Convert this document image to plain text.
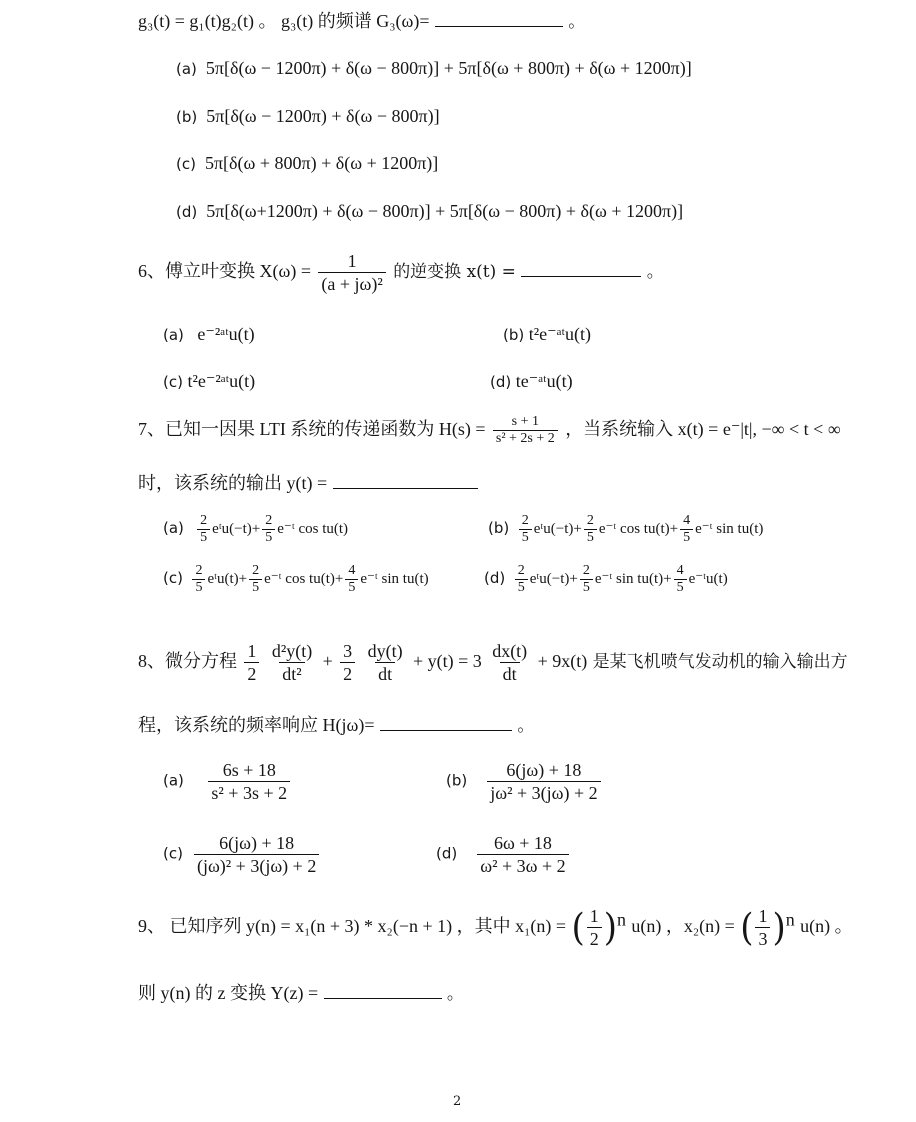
g₃(t) = g₁(t)g₂(t) 。 g₃(t) 的频谱 G₃(ω)=	。
(a) 5π[δ(ω − 1200π) + δ(ω − 800π)] + 5π[δ(ω + 800π) + δ(ω + 1200π)]
(b) 5π[δ(ω − 1200π) + δ(ω − 800π)]
(c) 5π[δ(ω + 800π) + δ(ω + 1200π)]
(d) 5π[δ(ω+1200π) + δ(ω − 800π)] + 5π[δ(ω − 800π) + δ(ω + 1200π)]
6、傅立叶变换 $X(\omega) = \frac{1}{\text{(a + jω)²}}$ 的逆变换 x(t) =	。
(a) e⁻²ᵃᵗu(t)	(b) t²e⁻ᵃᵗu(t)
(c) t²e⁻²ᵃᵗu(t)	(d) te⁻ᵃᵗu(t)
7、已知一因果 LTI 系统的传递函数为 $H(s) = \frac{s + 1}{\text{s² + 2s + 2}}$ ，当系统输入 x(t) = e⁻|t|, −∞ < t < ∞
时，该系统的输出 y(t) =
$(a) \frac{2}{5}$ eᵗu(−t)+ $\frac{2}{5}$ e⁻ᵗ cos tu(t)	$(b) \frac{2}{5}$ eᵗu(−t)+ $\frac{2}{5}$ e⁻ᵗ $\cos tu(t)+ \frac{4}{5}$ e⁻ᵗ sin tu(t)
$(c) \frac{2}{5}$ eᵗu(t)+ $\frac{2}{5}$ e⁻ᵗ $\cos tu(t)+ \frac{4}{5}$ e⁻ᵗ sin tu(t)	$(d) \frac{2}{5}$ eᵗu(−t)+ $\frac{2}{5}$ e⁻ᵗ $\sin tu(t)+ \frac{4}{5}$ e⁻ᵗu(t)
8、微分方程 $\frac{1}{2}$
$\frac{\text{d²y(t)}}{\text{dt²}} + \frac{3}{2}$
$\frac{dy(t)}{dt} + y(t) = 3 \frac{dx(t)}{dt} + 9x(t)$ 是某飞机喷气发动机的输入输出方
程，该系统的频率响应 H(jω)=	。
$(a) \frac{6s + 18}{\text{s² + 3s + 2}}$	$(b) \frac{6(j\omega) + 18}{\text{jω² + 3(jω) + 2}}$
$(c) \frac{6(j\omega) + 18}{\text{(jω)² + 3(jω) + 2}}$	$(d) \frac{6\omega + 18}{\text{ω² + 3ω + 2}}$
9、 已知序列 y(n) = x₁(n + 3) * x₂(−n + 1) ，其中 x₁(n) = ( $\frac{1}{2} )^n$ u(n) ，x₂(n) = ( $\frac{1}{3} )^n$ u(n) 。
则 y(n) 的 z 变换 Y(z) =	。
2
